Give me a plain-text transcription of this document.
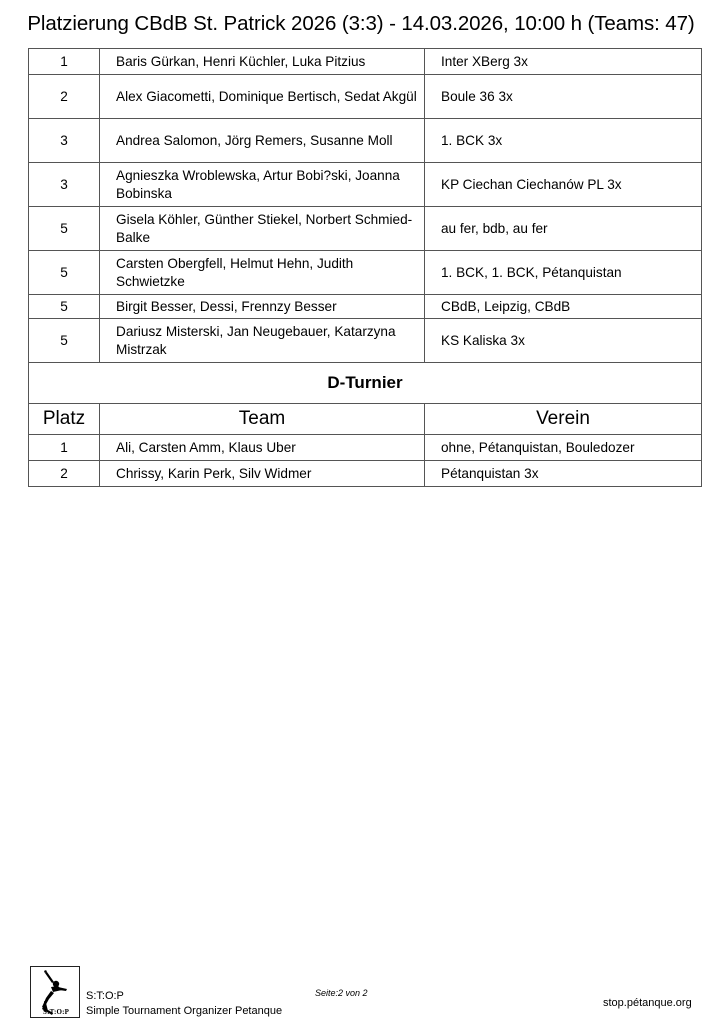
Platzierung CBdB St. Patrick 2026 (3:3) - 14.03.2026, 10:00 h (Teams: 47)
1	Baris Gürkan, Henri Küchler, Luka Pitzius	Inter XBerg 3x
2	Alex Giacometti, Dominique Bertisch, Sedat Akgül	Boule 36 3x
3	Andrea Salomon, Jörg Remers, Susanne Moll	1. BCK 3x
3	Agnieszka Wroblewska, Artur Bobi?ski, Joanna Bobinska	KP Ciechan Ciechanów PL 3x
5	Gisela Köhler, Günther Stiekel, Norbert Schmied-Balke	au fer, bdb, au fer
5	Carsten Obergfell, Helmut Hehn, Judith Schwietzke	1. BCK, 1. BCK, Pétanquistan
5	Birgit Besser, Dessi, Frennzy Besser	CBdB, Leipzig, CBdB
5	Dariusz Misterski, Jan Neugebauer, Katarzyna Mistrzak	KS Kaliska 3x
D-Turnier		
Platz	Team	Verein
1	Ali, Carsten Amm, Klaus Uber	ohne, Pétanquistan, Bouledozer
2	Chrissy, Karin Perk, Silv Widmer	Pétanquistan 3x
S:T:O:P
S:T:O:P
Simple Tournament Organizer Petanque
Seite:2 von 2
stop.pétanque.org
